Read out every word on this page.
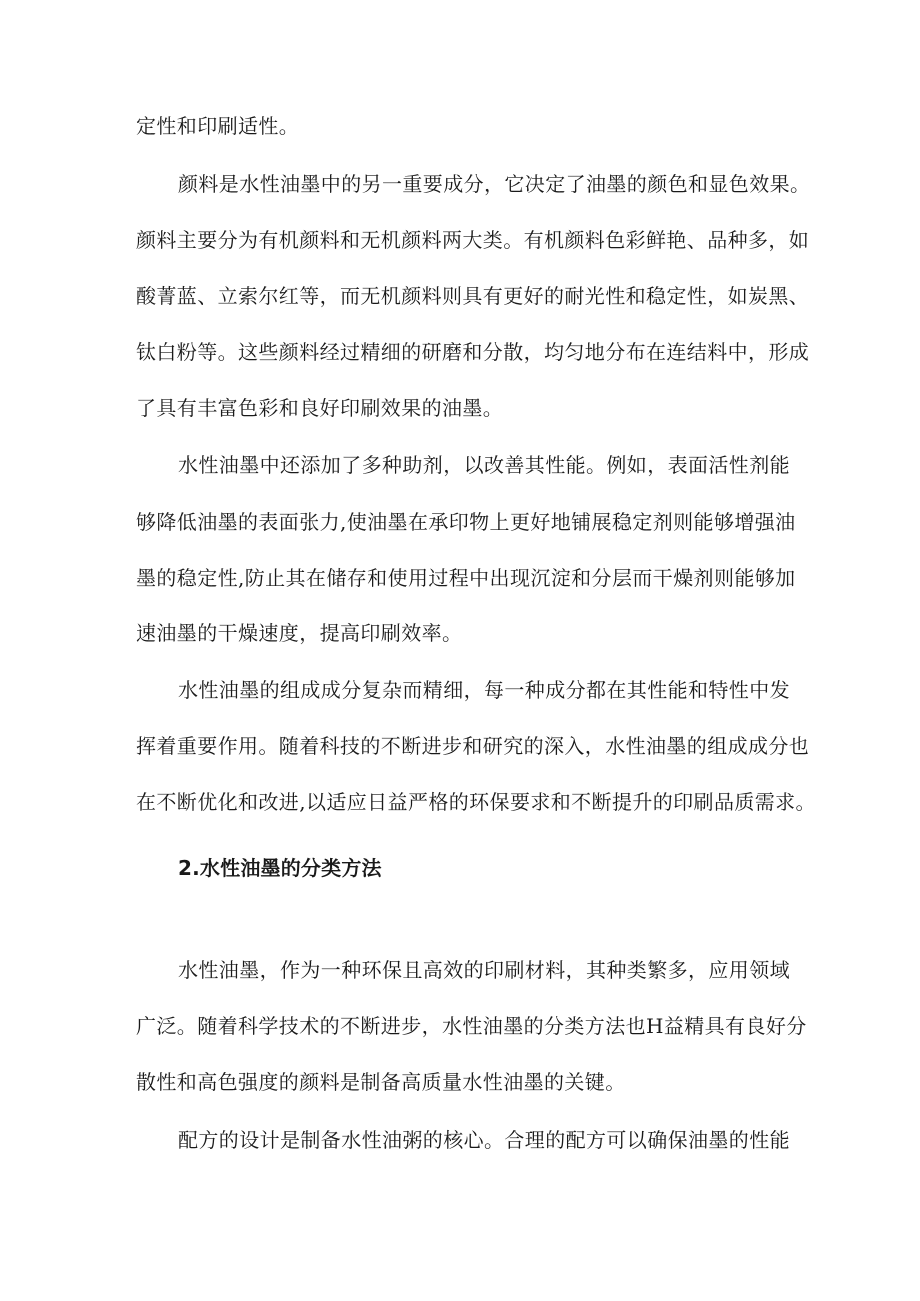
定性和印刷适性。
颜料是水性油墨中的另一重要成分，它决定了油墨的颜色和显色效果。
颜料主要分为有机颜料和无机颜料两大类。有机颜料色彩鲜艳、品种多，如
酸菁蓝、立索尔红等，而无机颜料则具有更好的耐光性和稳定性，如炭黑、
钛白粉等。这些颜料经过精细的研磨和分散，均匀地分布在连结料中，形成
了具有丰富色彩和良好印刷效果的油墨。
水性油墨中还添加了多种助剂，以改善其性能。例如，表面活性剂能
够降低油墨的表面张力,使油墨在承印物上更好地铺展稳定剂则能够增强油
墨的稳定性,防止其在储存和使用过程中出现沉淀和分层而干燥剂则能够加
速油墨的干燥速度，提高印刷效率。
水性油墨的组成成分复杂而精细，每一种成分都在其性能和特性中发
挥着重要作用。随着科技的不断进步和研究的深入，水性油墨的组成成分也
在不断优化和改进,以适应日益严格的环保要求和不断提升的印刷品质需求。
2.水性油墨的分类方法
水性油墨，作为一种环保且高效的印刷材料，其种类繁多，应用领域
广泛。随着科学技术的不断进步，水性油墨的分类方法也H益精具有良好分
散性和高色强度的颜料是制备高质量水性油墨的关键。
配方的设计是制备水性油粥的核心。合理的配方可以确保油墨的性能
